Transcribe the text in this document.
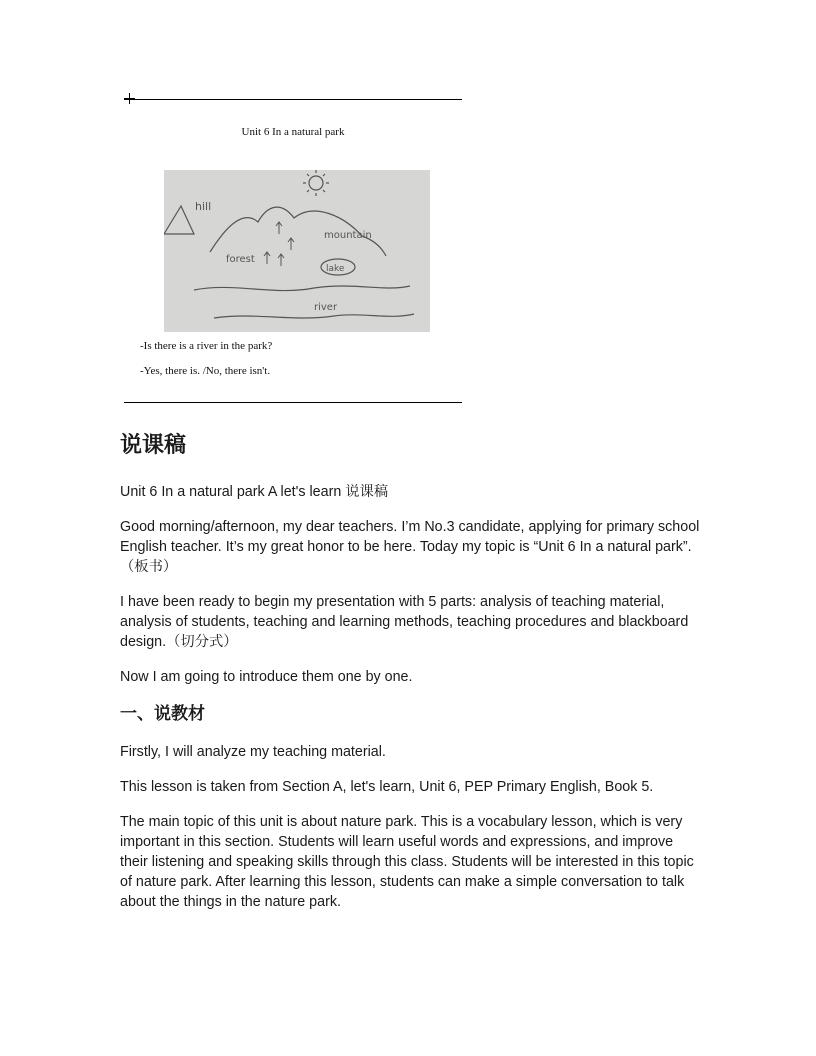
Unit 6 In a natural park
hill
mountain
forest
lake
river
-Is there is a river in the park?
-Yes, there is. /No, there isn't.
说课稿

Unit 6 In a natural park A let's learn 说课稿

Good morning/afternoon, my dear teachers. I’m No.3 candidate, applying for primary school English teacher. It’s my great honor to be here. Today my topic is “Unit 6 In a natural park”.（板书）

I have been ready to begin my presentation with 5 parts: analysis of teaching material, analysis of students, teaching and learning methods, teaching procedures and blackboard design.（切分式）

Now I am going to introduce them one by one.

一、说教材

Firstly, I will analyze my teaching material.

This lesson is taken from Section A, let's learn, Unit 6, PEP Primary English, Book 5.

The main topic of this unit is about nature park. This is a vocabulary lesson, which is very important in this section. Students will learn useful words and expressions, and improve their listening and speaking skills through this class. Students will be interested in this topic of nature park. After learning this lesson, students can make a simple conversation to talk about the things in the nature park.
